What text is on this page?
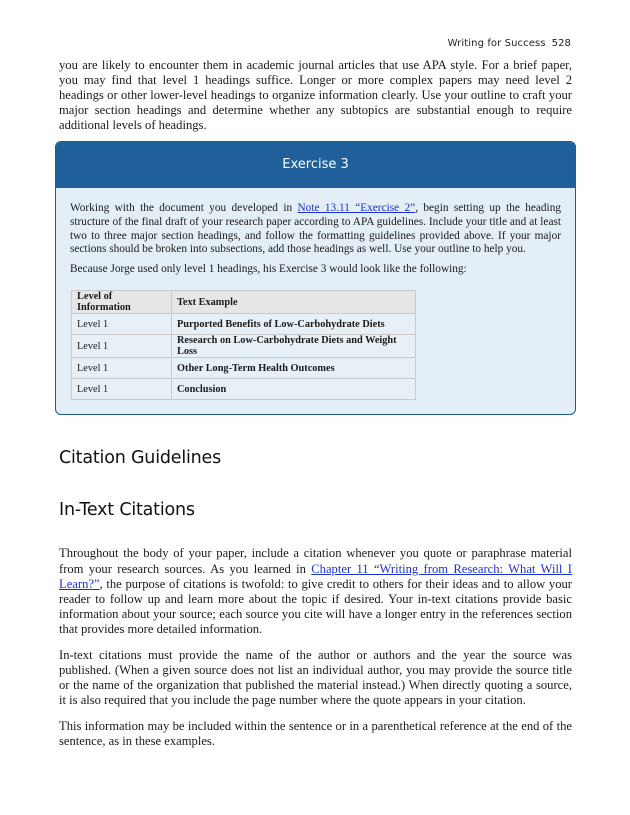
Writing for Success 528

you are likely to encounter them in academic journal articles that use APA style. For a brief paper, you may find that level 1 headings suffice. Longer or more complex papers may need level 2 headings or other lower-level headings to organize information clearly. Use your outline to craft your major section headings and determine whether any subtopics are substantial enough to require additional levels of headings.

Exercise 3

Working with the document you developed in Note 13.11 “Exercise 2”, begin setting up the heading structure of the final draft of your research paper according to APA guidelines. Include your title and at least two to three major section headings, and follow the formatting guidelines provided above. If your major sections should be broken into subsections, add those headings as well. Use your outline to help you.

Because Jorge used only level 1 headings, his Exercise 3 would look like the following:

Level of Information	Text Example
Level 1	Purported Benefits of Low-Carbohydrate Diets
Level 1	Research on Low-Carbohydrate Diets and Weight Loss
Level 1	Other Long-Term Health Outcomes
Level 1	Conclusion
Citation Guidelines
In-Text Citations

Throughout the body of your paper, include a citation whenever you quote or paraphrase material from your research sources. As you learned in Chapter 11 “Writing from Research: What Will I Learn?”, the purpose of citations is twofold: to give credit to others for their ideas and to allow your reader to follow up and learn more about the topic if desired. Your in-text citations provide basic information about your source; each source you cite will have a longer entry in the references section that provides more detailed information.

In-text citations must provide the name of the author or authors and the year the source was published. (When a given source does not list an individual author, you may provide the source title or the name of the organization that published the material instead.) When directly quoting a source, it is also required that you include the page number where the quote appears in your citation.

This information may be included within the sentence or in a parenthetical reference at the end of the sentence, as in these examples.
